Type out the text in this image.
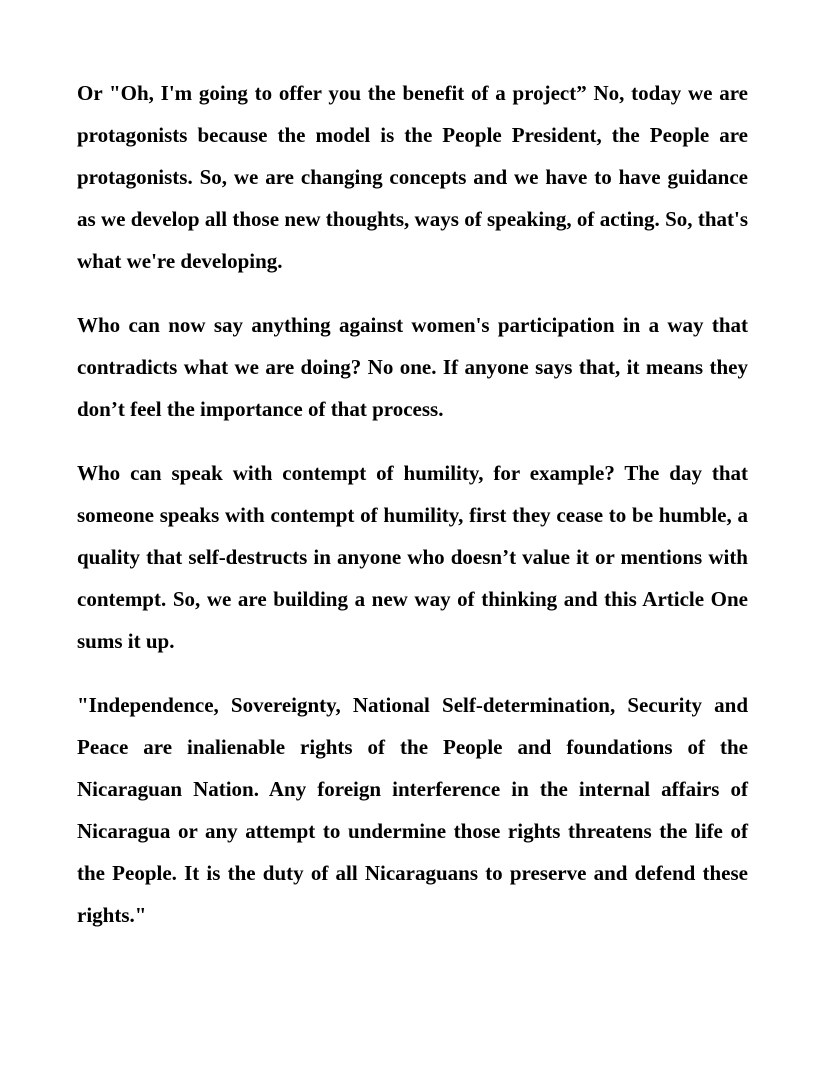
Or "Oh, I'm going to offer you the benefit of a project” No, today we are protagonists because the model is the People President, the People are protagonists. So, we are changing concepts and we have to have guidance as we develop all those new thoughts, ways of speaking, of acting. So, that's what we're developing.

Who can now say anything against women's participation in a way that contradicts what we are doing? No one. If anyone says that, it means they don’t feel the importance of that process.

Who can speak with contempt of humility, for example? The day that someone speaks with contempt of humility, first they cease to be humble, a quality that self-destructs in anyone who doesn’t value it or mentions with contempt. So, we are building a new way of thinking and this Article One sums it up.

"Independence, Sovereignty, National Self-determination, Security and Peace are inalienable rights of the People and foundations of the Nicaraguan Nation. Any foreign interference in the internal affairs of Nicaragua or any attempt to undermine those rights threatens the life of the People. It is the duty of all Nicaraguans to preserve and defend these rights."
